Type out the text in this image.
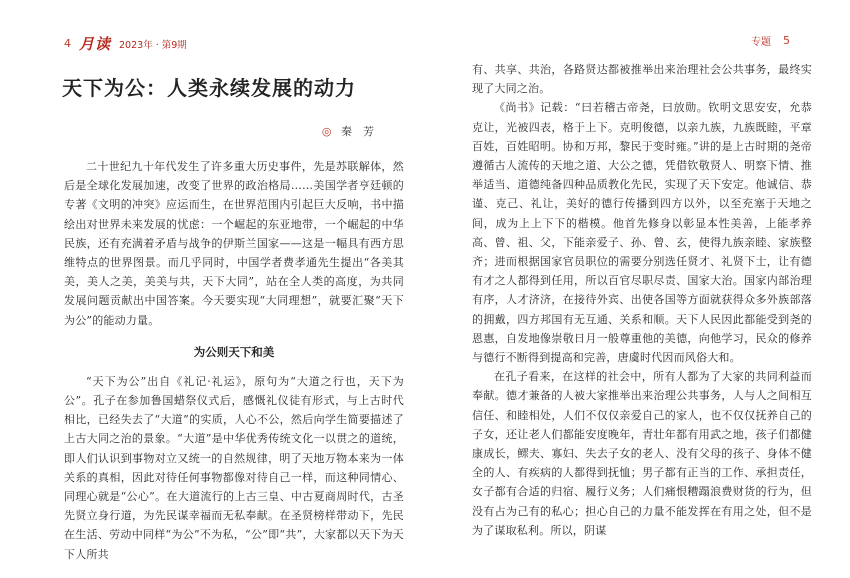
4 月读 2023年 · 第9期	专题 5
天下为公：人类永续发展的动力
◎ 秦　芳

二十世纪九十年代发生了许多重大历史事件，先是苏联解体，然后是全球化发展加速，改变了世界的政治格局……美国学者亨廷顿的专著《文明的冲突》应运而生，在世界范围内引起巨大反响，书中描绘出对世界未来发展的忧虑：一个崛起的东亚地带，一个崛起的中华民族，还有充满着矛盾与战争的伊斯兰国家——这是一幅具有西方思维特点的世界图景。而几乎同时，中国学者费孝通先生提出“各美其美，美人之美，美美与共，天下大同”，站在全人类的高度，为共同发展问题贡献出中国答案。今天要实现“大同理想”，就要汇聚“天下为公”的能动力量。

为公则天下和美

“天下为公”出自《礼记·礼运》，原句为“大道之行也，天下为公”。孔子在参加鲁国蜡祭仪式后，感慨礼仪徒有形式，与上古时代相比，已经失去了“大道”的实质，人心不公，然后向学生简要描述了上古大同之治的景象。“大道”是中华优秀传统文化一以贯之的道统，即人们认识到事物对立又统一的自然规律，明了天地万物本来为一体关系的真相，因此对待任何事物都像对待自己一样，而这种同情心、同理心就是“公心”。在大道流行的上古三皇、中古夏商周时代，古圣先贤立身行道，为先民谋幸福而无私奉献。在圣贤榜样带动下，先民在生活、劳动中同样“为公”不为私，“公”即“共”，大家都以天下为天下人所共

有、共享、共治，各路贤达都被推举出来治理社会公共事务，最终实现了大同之治。

《尚书》记载：“曰若稽古帝尧，曰放勋。钦明文思安安，允恭克让，光被四表，格于上下。克明俊德，以亲九族，九族既睦，平章百姓，百姓昭明。协和万邦，黎民于变时雍。”讲的是上古时期的尧帝遵循古人流传的天地之道、大公之德，凭借钦敬贤人、明察下情、推举适当、道德纯备四种品质教化先民，实现了天下安定。他诚信、恭谨、克己、礼让，美好的德行传播到四方以外，以至充塞于天地之间，成为上上下下的楷模。他首先修身以彰显本性美善，上能孝养高、曾、祖、父，下能亲爱子、孙、曾、玄，使得九族亲睦、家族整齐；进而根据国家官员职位的需要分别选任贤才、礼贤下士，让有德有才之人都得到任用，所以百官尽职尽责、国家大治。国家内部治理有序，人才济济，在接待外宾、出使各国等方面就获得众多外族部落的拥戴，四方邦国有无互通、关系和顺。天下人民因此都能受到尧的恩惠，自发地像崇敬日月一般尊重他的美德，向他学习，民众的修养与德行不断得到提高和完善，唐虞时代因而风俗大和。

在孔子看来，在这样的社会中，所有人都为了大家的共同利益而奉献。德才兼备的人被大家推举出来治理公共事务，人与人之间相互信任、和睦相处，人们不仅仅亲爱自己的家人，也不仅仅抚养自己的子女，还让老人们都能安度晚年，青壮年都有用武之地，孩子们都健康成长，鳏夫、寡妇、失去子女的老人、没有父母的孩子、身体不健全的人、有疾病的人都得到抚恤；男子都有正当的工作、承担责任，女子都有合适的归宿、履行义务；人们痛恨糟蹋浪费财货的行为，但没有占为己有的私心；担心自己的力量不能发挥在有用之处，但不是为了谋取私利。所以，阴谋
